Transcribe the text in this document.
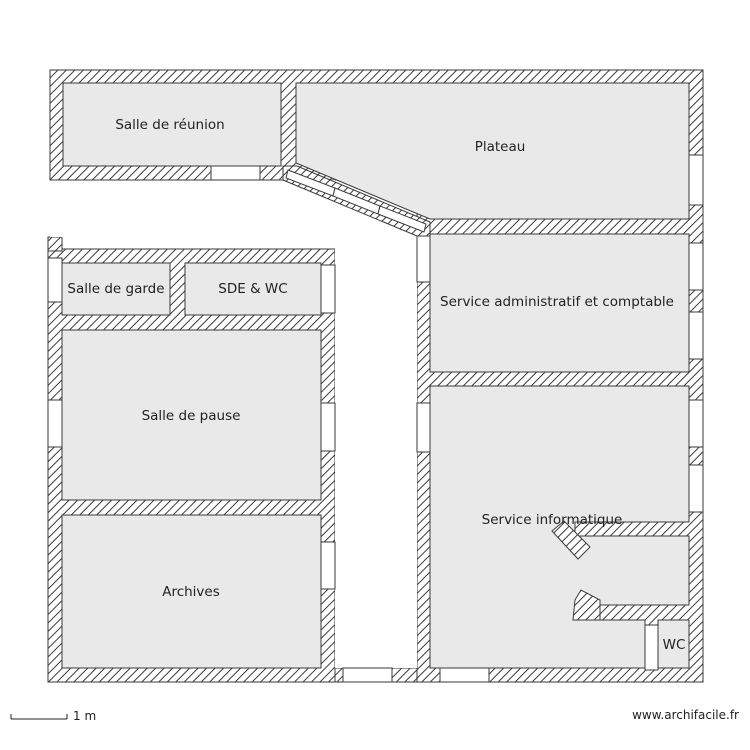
Salle de réunion
Plateau
Salle de garde	SDE & WC
Service administratif et comptable
Salle de pause
Service informatique
Archives
WC
1 m	www.archifacile.fr
